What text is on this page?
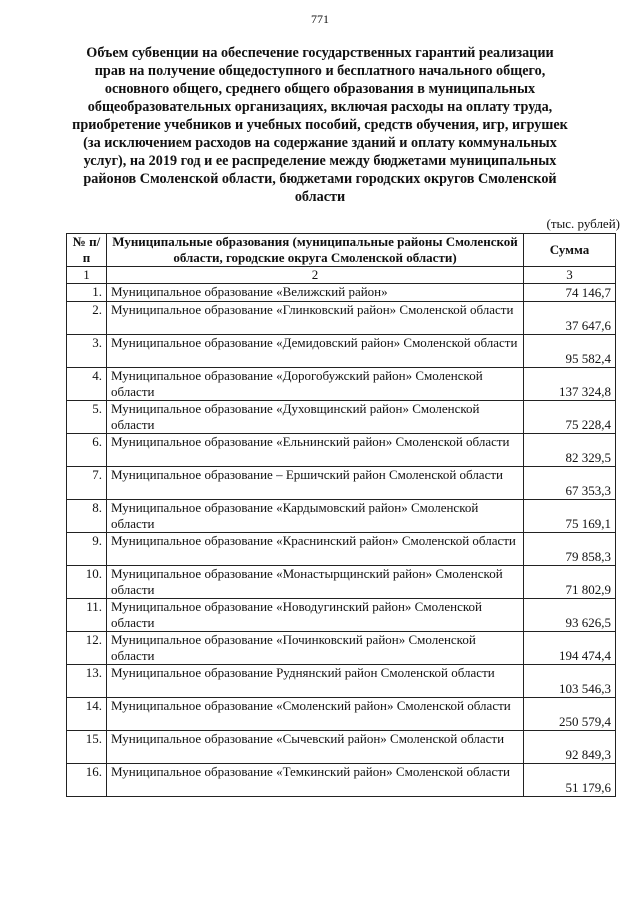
771
Объем субвенции на обеспечение государственных гарантий реализации прав на получение общедоступного и бесплатного начального общего, основного общего, среднего общего образования в муниципальных общеобразовательных организациях, включая расходы на оплату труда, приобретение учебников и учебных пособий, средств обучения, игр, игрушек (за исключением расходов на содержание зданий и оплату коммунальных услуг), на 2019 год и ее распределение между бюджетами муниципальных районов Смоленской области, бюджетами городских округов Смоленской области
(тыс. рублей)
№ п/п	Муниципальные образования (муниципальные районы Смоленской области, городские округа Смоленской области)	Сумма
1	2	3
1.	Муниципальное образование «Велижский район»	74 146,7
2.	Муниципальное образование «Глинковский район» Смоленской области	37 647,6
3.	Муниципальное образование «Демидовский район» Смоленской области	95 582,4
4.	Муниципальное образование «Дорогобужский район» Смоленской области	137 324,8
5.	Муниципальное образование «Духовщинский район» Смоленской области	75 228,4
6.	Муниципальное образование «Ельнинский район» Смоленской области	82 329,5
7.	Муниципальное образование – Ершичский район Смоленской области	67 353,3
8.	Муниципальное образование «Кардымовский район» Смоленской области	75 169,1
9.	Муниципальное образование «Краснинский район» Смоленской области	79 858,3
10.	Муниципальное образование «Монастырщинский район» Смоленской области	71 802,9
11.	Муниципальное образование «Новодугинский район» Смоленской области	93 626,5
12.	Муниципальное образование «Починковский район» Смоленской области	194 474,4
13.	Муниципальное образование Руднянский район Смоленской области	103 546,3
14.	Муниципальное образование «Смоленский район» Смоленской области	250 579,4
15.	Муниципальное образование «Сычевский район» Смоленской области	92 849,3
16.	Муниципальное образование «Темкинский район» Смоленской области	51 179,6
